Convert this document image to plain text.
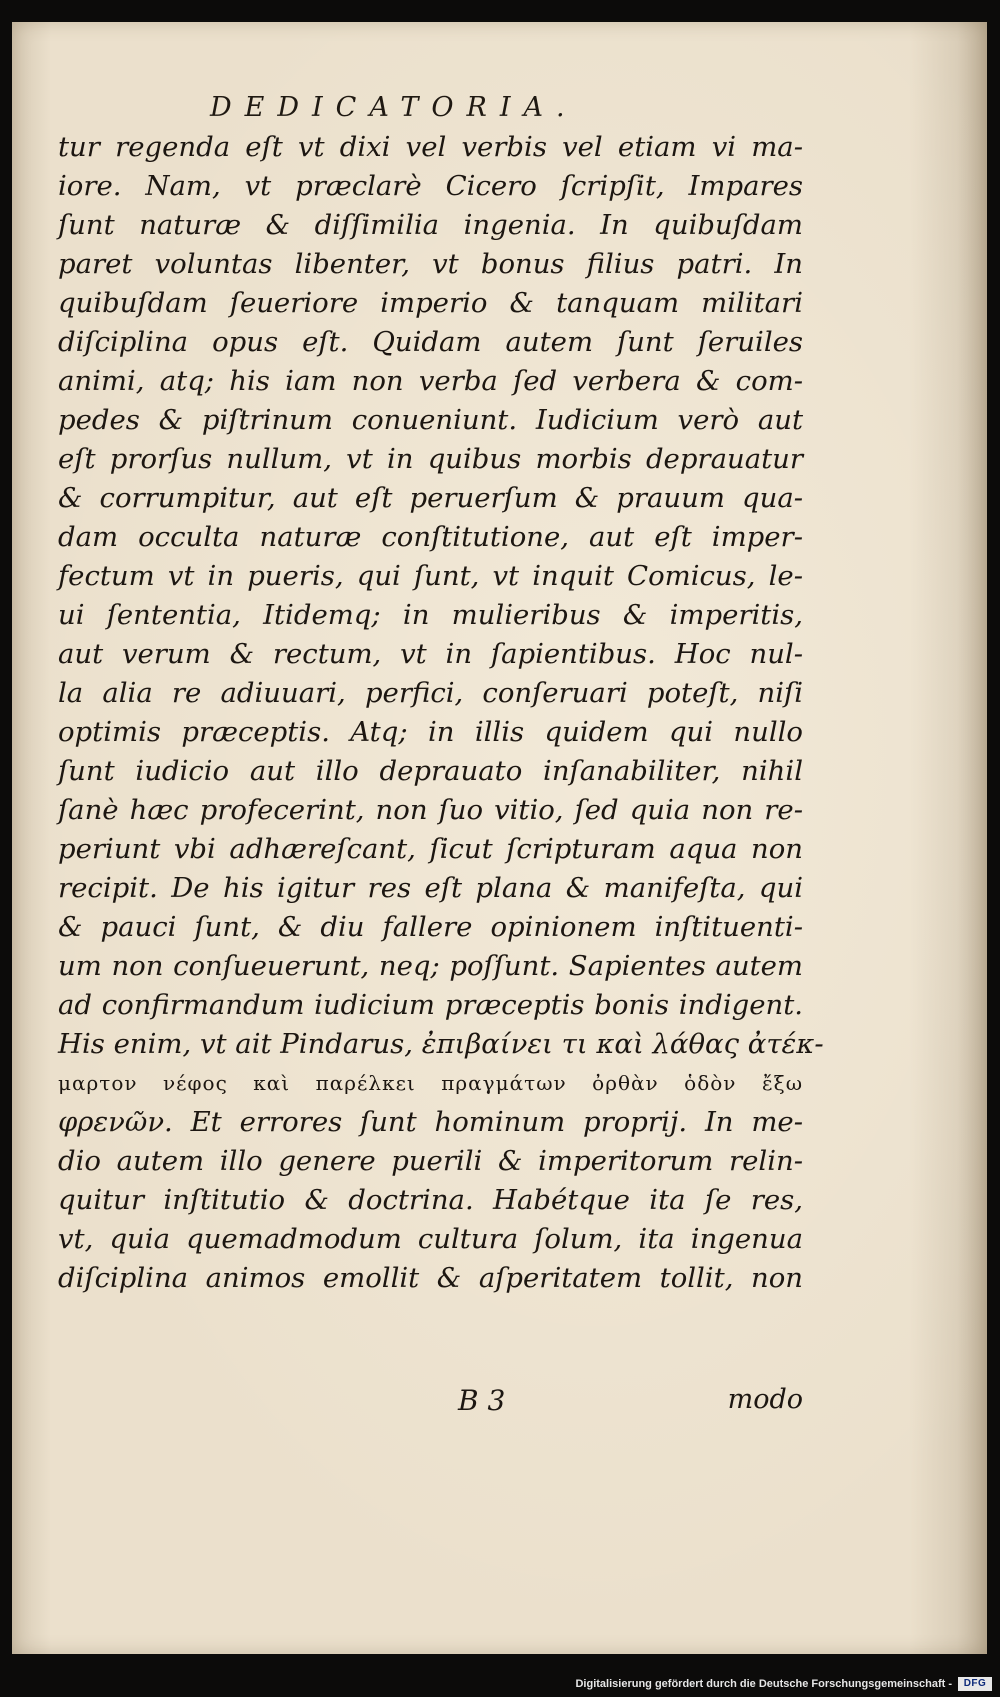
DEDICATORIA.
tur regenda eſt vt dixi vel verbis vel etiam vi ma-
iore. Nam, vt præclarè Cicero ſcripſit, Impares
ſunt naturæ & diſſimilia ingenia. In quibuſdam
paret voluntas libenter, vt bonus filius patri. In
quibuſdam ſeueriore imperio & tanquam militari
diſciplina opus eſt. Quidam autem ſunt ſeruiles
animi, atq; his iam non verba ſed verbera & com-
pedes & piſtrinum conueniunt. Iudicium verò aut
eſt prorſus nullum, vt in quibus morbis deprauatur
& corrumpitur, aut eſt peruerſum & prauum qua-
dam occulta naturæ conſtitutione, aut eſt imper-
fectum vt in pueris, qui ſunt, vt inquit Comicus, le-
ui ſententia, Itidemq; in mulieribus & imperitis,
aut verum & rectum, vt in ſapientibus. Hoc nul-
la alia re adiuuari, perfici, conſeruari poteſt, niſi
optimis præceptis. Atq; in illis quidem qui nullo
ſunt iudicio aut illo deprauato inſanabiliter, nihil
ſanè hæc profecerint, non ſuo vitio, ſed quia non re-
periunt vbi adhæreſcant, ſicut ſcripturam aqua non
recipit. De his igitur res eſt plana & manifeſta, qui
& pauci ſunt, & diu fallere opinionem inſtituenti-
um non conſueuerunt, neq; poſſunt. Sapientes autem
ad confirmandum iudicium præceptis bonis indigent.
His enim, vt ait Pindarus, ἐπιβαίνει τι καὶ λάθας ἀτέκ-
μαρτον νέφος καὶ παρέλκει πραγμάτων ὀρθὰν ὁδὸν ἔξω
φρενῶν. Et errores ſunt hominum proprij. In me-
dio autem illo genere puerili & imperitorum relin-
quitur inſtitutio & doctrina. Habétque ita ſe res,
vt, quia quemadmodum cultura ſolum, ita ingenua
diſciplina animos emollit & aſperitatem tollit, non
B 3	modo
Digitalisierung gefördert durch die Deutsche Forschungsgemeinschaft -	DFG
